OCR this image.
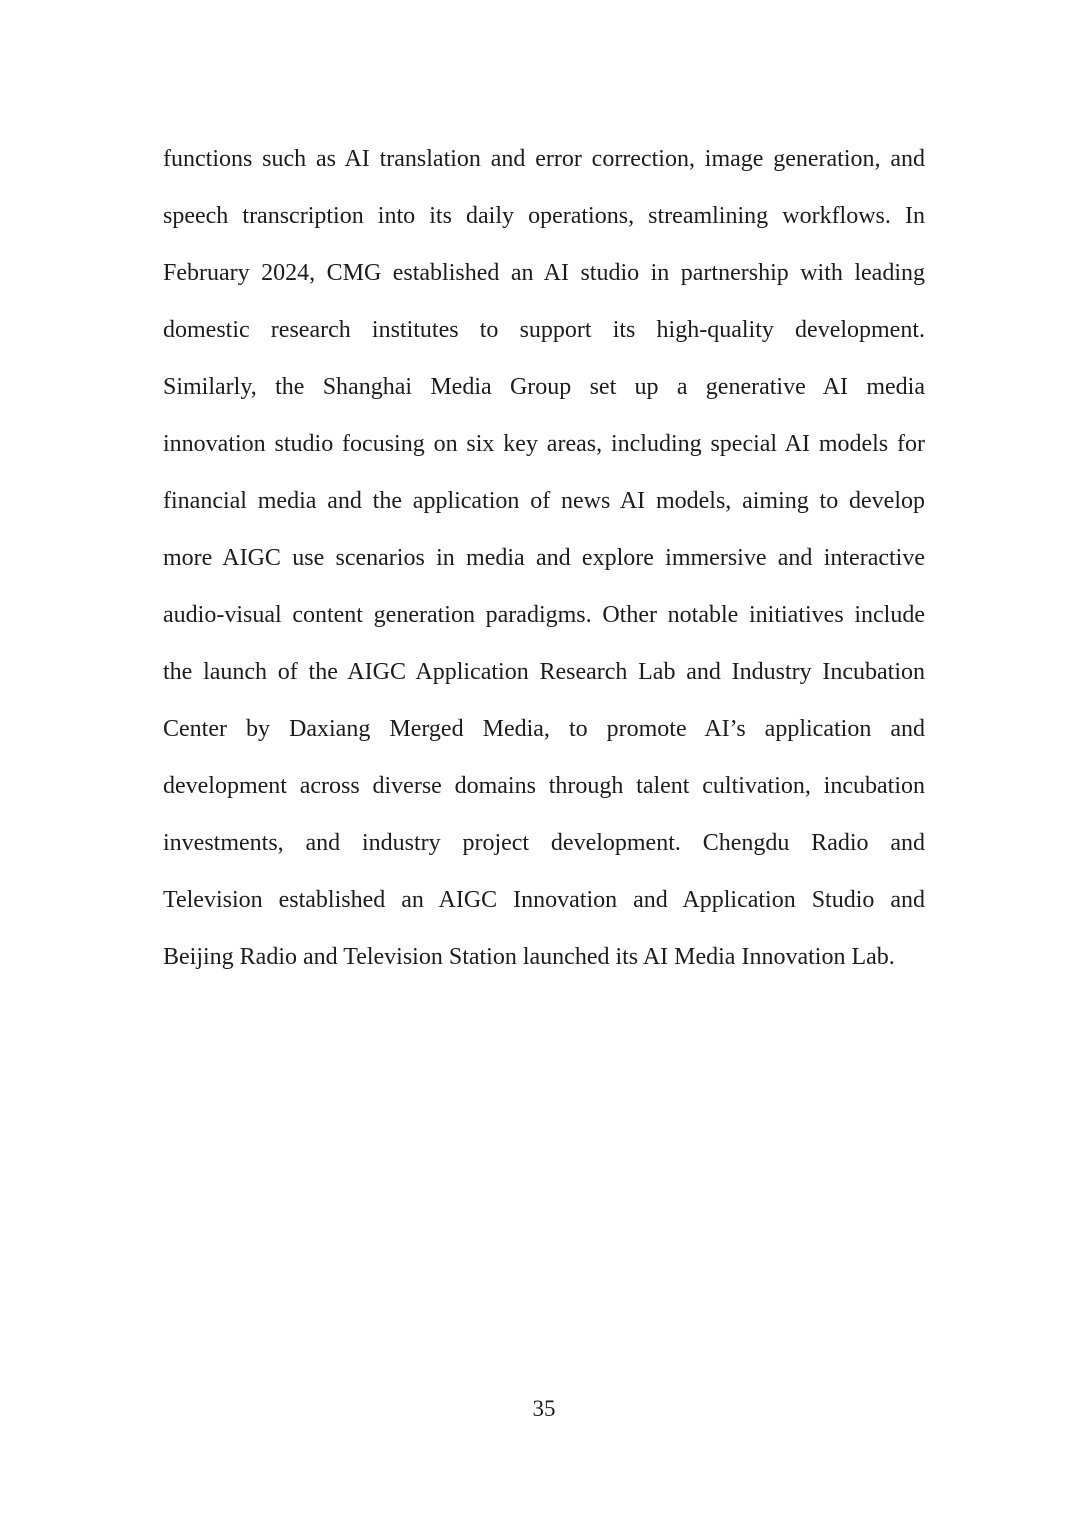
functions such as AI translation and error correction, image generation, and
speech transcription into its daily operations, streamlining workflows. In
February 2024, CMG established an AI studio in partnership with leading
domestic research institutes to support its high-quality development.
Similarly, the Shanghai Media Group set up a generative AI media
innovation studio focusing on six key areas, including special AI models for
financial media and the application of news AI models, aiming to develop
more AIGC use scenarios in media and explore immersive and interactive
audio-visual content generation paradigms. Other notable initiatives include
the launch of the AIGC Application Research Lab and Industry Incubation
Center by Daxiang Merged Media, to promote AI’s application and
development across diverse domains through talent cultivation, incubation
investments, and industry project development. Chengdu Radio and
Television established an AIGC Innovation and Application Studio and
Beijing Radio and Television Station launched its AI Media Innovation Lab.
35
